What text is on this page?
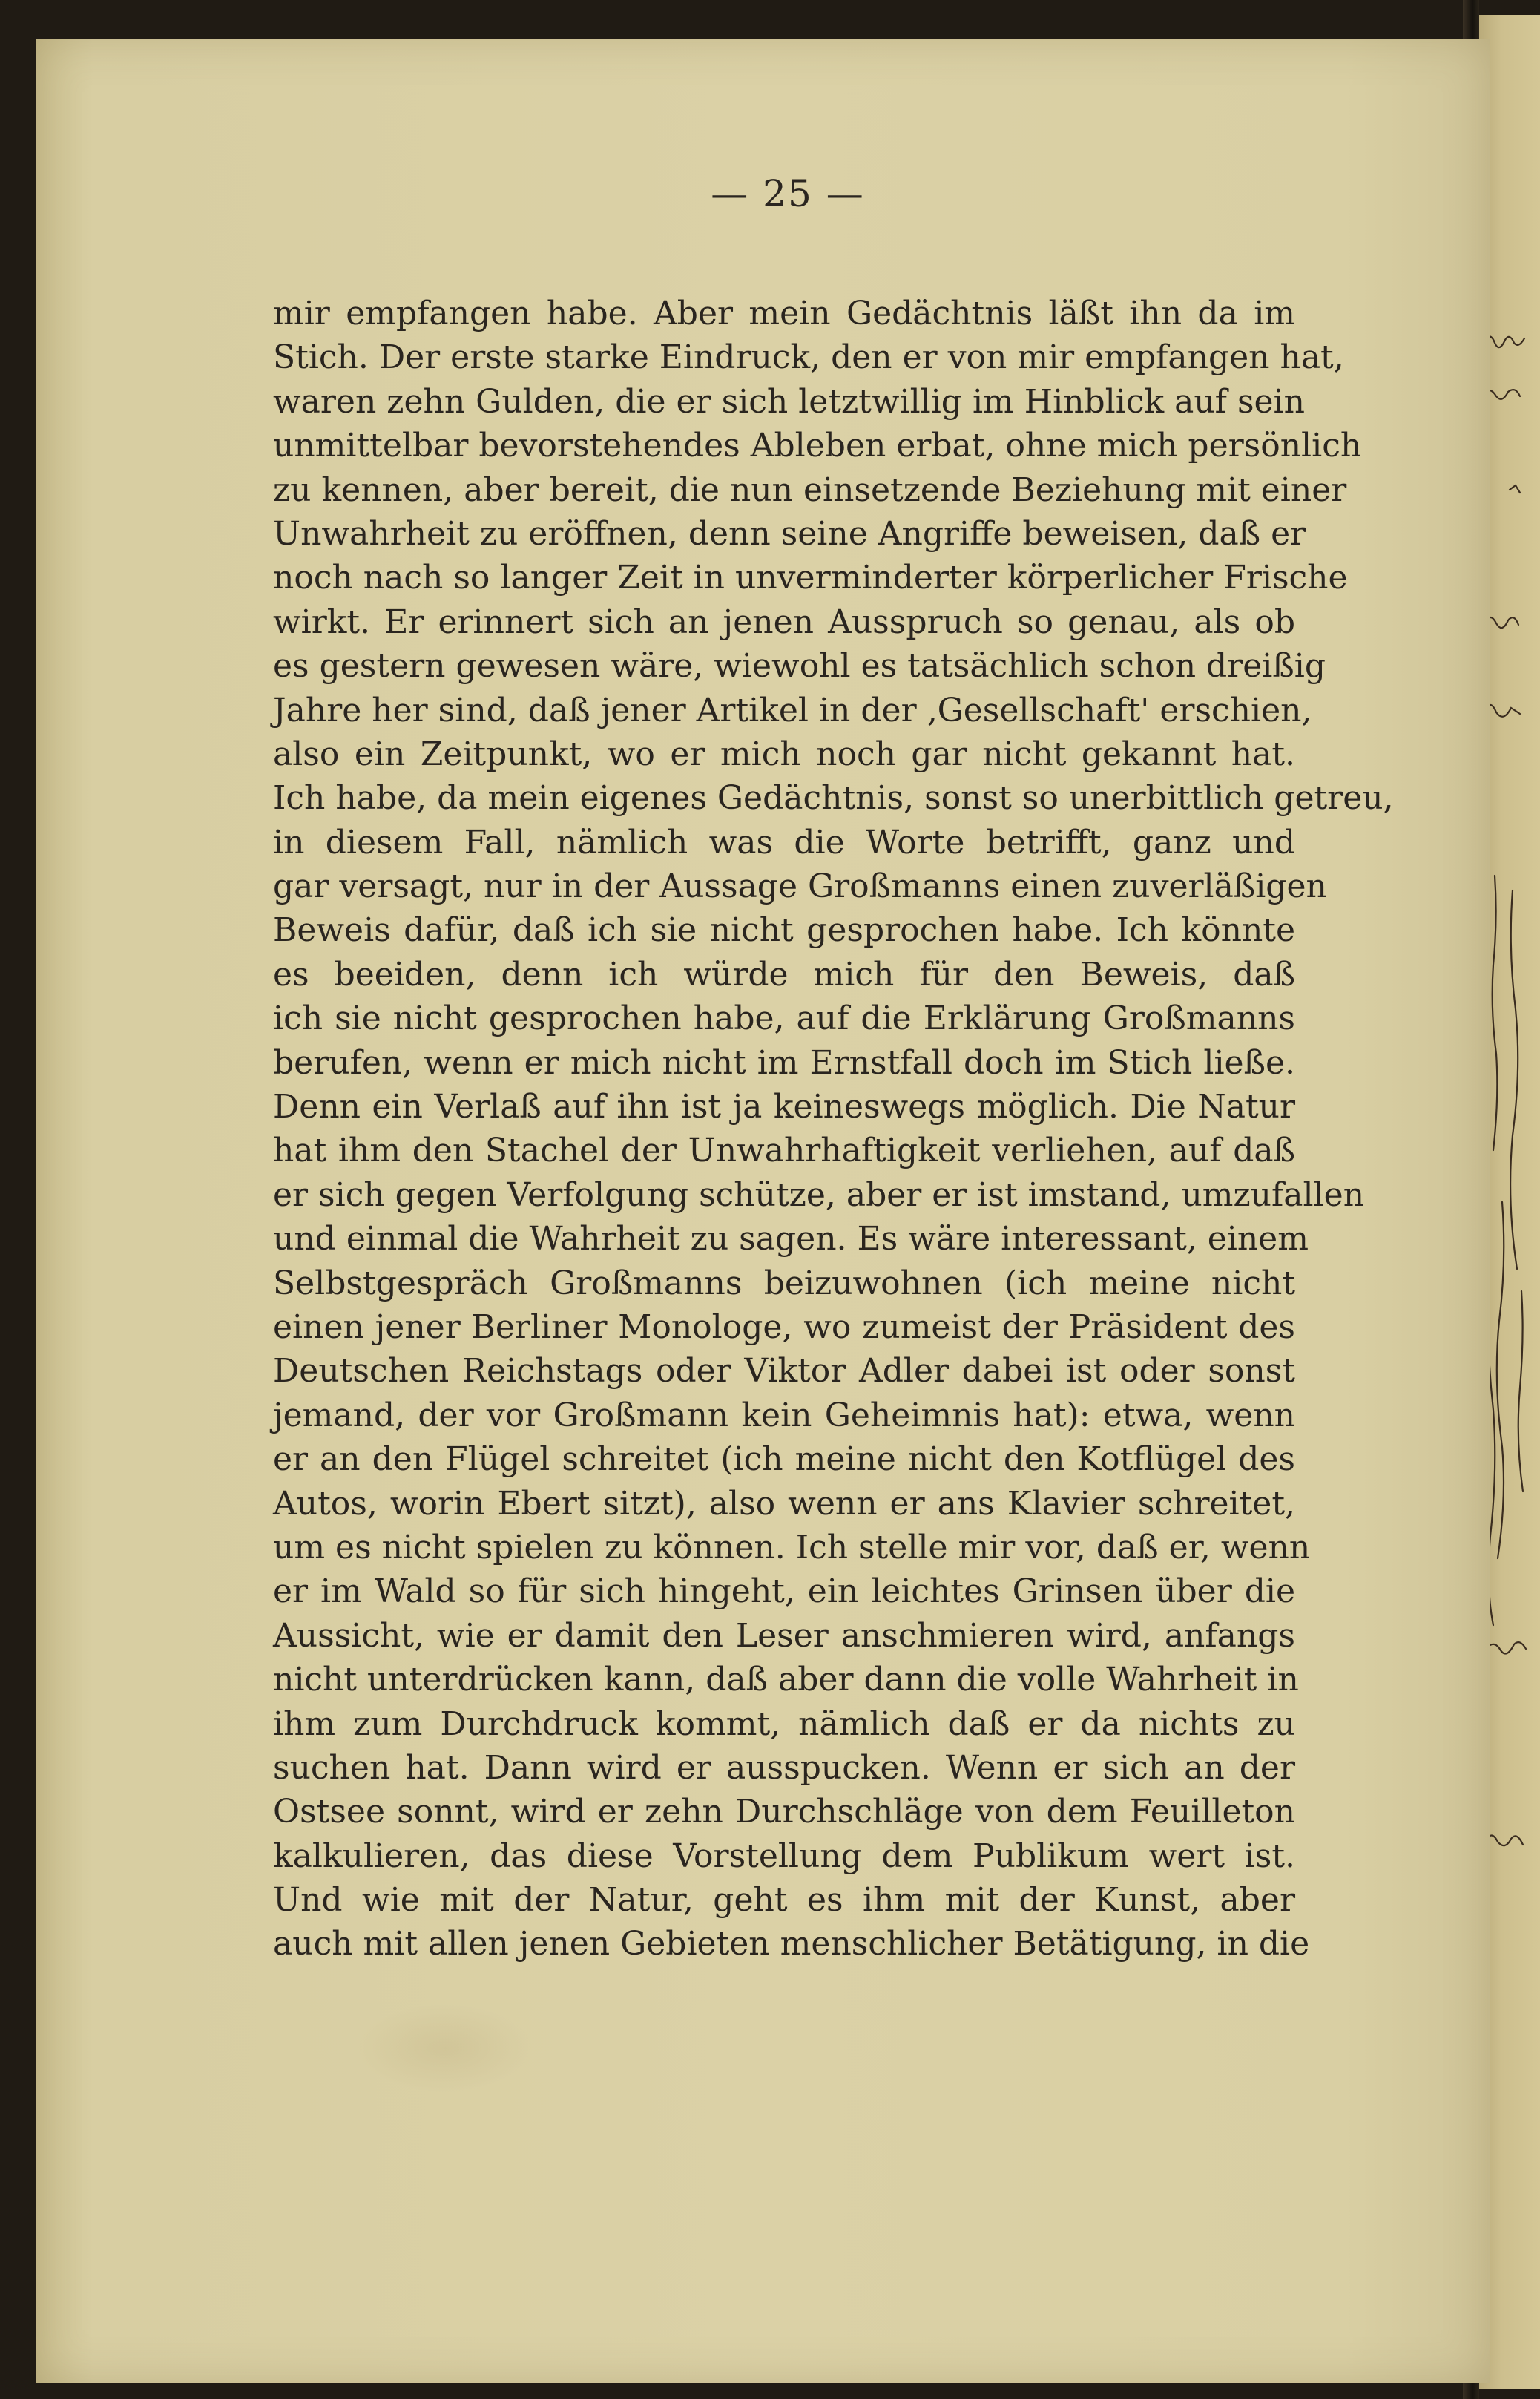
— 25 —
mir empfangen habe. Aber mein Gedächtnis läßt ihn da im
Stich. Der erste starke Eindruck, den er von mir empfangen hat,
waren zehn Gulden, die er sich letztwillig im Hinblick auf sein
unmittelbar bevorstehendes Ableben erbat, ohne mich persönlich
zu kennen, aber bereit, die nun einsetzende Beziehung mit einer
Unwahrheit zu eröffnen, denn seine Angriffe beweisen, daß er
noch nach so langer Zeit in unverminderter körperlicher Frische
wirkt. Er erinnert sich an jenen Ausspruch so genau, als ob
es gestern gewesen wäre, wiewohl es tatsächlich schon dreißig
Jahre her sind, daß jener Artikel in der ‚Gesellschaft' erschien,
also ein Zeitpunkt, wo er mich noch gar nicht gekannt hat.
Ich habe, da mein eigenes Gedächtnis, sonst so unerbittlich getreu,
in diesem Fall, nämlich was die Worte betrifft, ganz und
gar versagt, nur in der Aussage Großmanns einen zuverläßigen
Beweis dafür, daß ich sie nicht gesprochen habe. Ich könnte
es beeiden, denn ich würde mich für den Beweis, daß
ich sie nicht gesprochen habe, auf die Erklärung Großmanns
berufen, wenn er mich nicht im Ernstfall doch im Stich ließe.
Denn ein Verlaß auf ihn ist ja keineswegs möglich. Die Natur
hat ihm den Stachel der Unwahrhaftigkeit verliehen, auf daß
er sich gegen Verfolgung schütze, aber er ist imstand, umzufallen
und einmal die Wahrheit zu sagen. Es wäre interessant, einem
Selbstgespräch Großmanns beizuwohnen (ich meine nicht
einen jener Berliner Monologe, wo zumeist der Präsident des
Deutschen Reichstags oder Viktor Adler dabei ist oder sonst
jemand, der vor Großmann kein Geheimnis hat): etwa, wenn
er an den Flügel schreitet (ich meine nicht den Kotflügel des
Autos, worin Ebert sitzt), also wenn er ans Klavier schreitet,
um es nicht spielen zu können. Ich stelle mir vor, daß er, wenn
er im Wald so für sich hingeht, ein leichtes Grinsen über die
Aussicht, wie er damit den Leser anschmieren wird, anfangs
nicht unterdrücken kann, daß aber dann die volle Wahrheit in
ihm zum Durchdruck kommt, nämlich daß er da nichts zu
suchen hat. Dann wird er ausspucken. Wenn er sich an der
Ostsee sonnt, wird er zehn Durchschläge von dem Feuilleton
kalkulieren, das diese Vorstellung dem Publikum wert ist.
Und wie mit der Natur, geht es ihm mit der Kunst, aber
auch mit allen jenen Gebieten menschlicher Betätigung, in die
